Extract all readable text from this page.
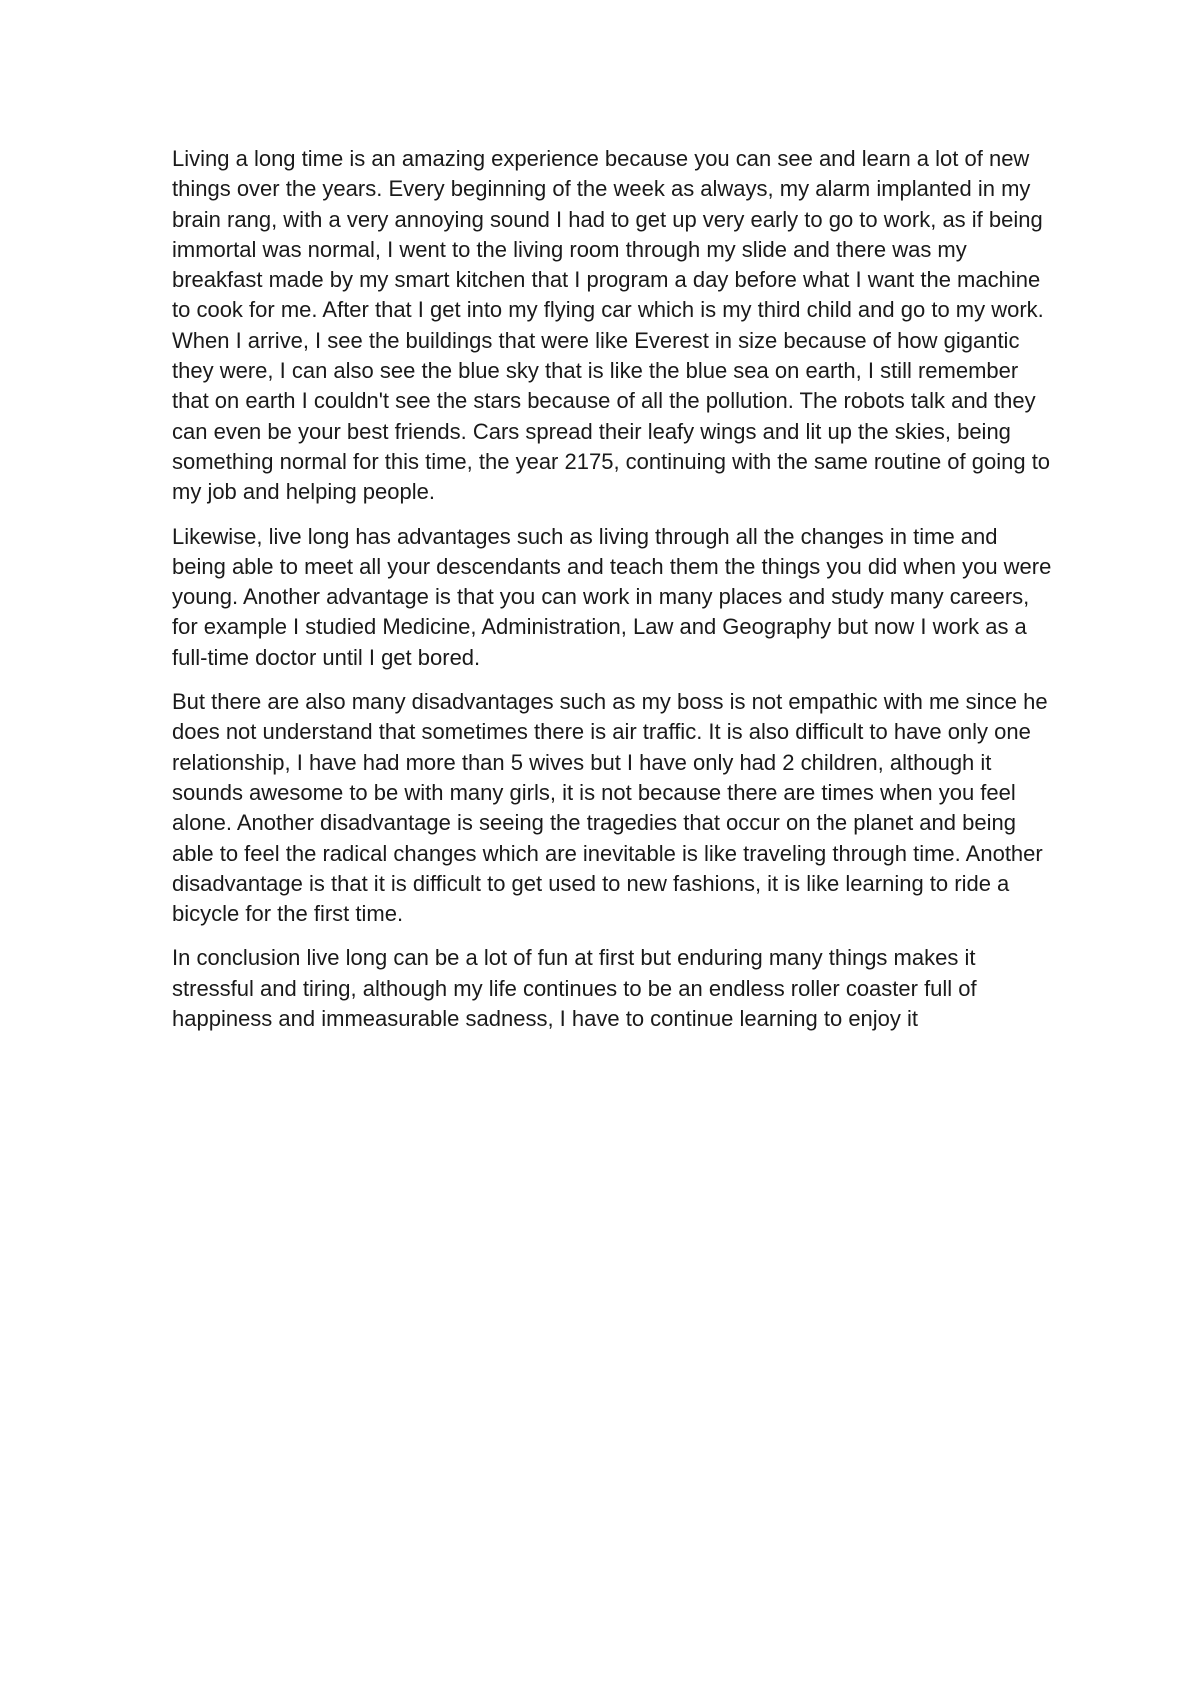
Living a long time is an amazing experience because you can see and learn a lot of new things over the years. Every beginning of the week as always, my alarm implanted in my brain rang, with a very annoying sound I had to get up very early to go to work, as if being immortal was normal, I went to the living room through my slide and there was my breakfast made by my smart kitchen that I program a day before what I want the machine to cook for me. After that I get into my flying car which is my third child and go to my work. When I arrive, I see the buildings that were like Everest in size because of how gigantic they were, I can also see the blue sky that is like the blue sea on earth, I still remember that on earth I couldn't see the stars because of all the pollution. The robots talk and they can even be your best friends. Cars spread their leafy wings and lit up the skies, being something normal for this time, the year 2175, continuing with the same routine of going to my job and helping people.

Likewise, live long has advantages such as living through all the changes in time and being able to meet all your descendants and teach them the things you did when you were young. Another advantage is that you can work in many places and study many careers, for example I studied Medicine, Administration, Law and Geography but now I work as a full-time doctor until I get bored.

But there are also many disadvantages such as my boss is not empathic with me since he does not understand that sometimes there is air traffic. It is also difficult to have only one relationship, I have had more than 5 wives but I have only had 2 children, although it sounds awesome to be with many girls, it is not because there are times when you feel alone. Another disadvantage is seeing the tragedies that occur on the planet and being able to feel the radical changes which are inevitable is like traveling through time. Another disadvantage is that it is difficult to get used to new fashions, it is like learning to ride a bicycle for the first time.

In conclusion live long can be a lot of fun at first but enduring many things makes it stressful and tiring, although my life continues to be an endless roller coaster full of happiness and immeasurable sadness, I have to continue learning to enjoy it
